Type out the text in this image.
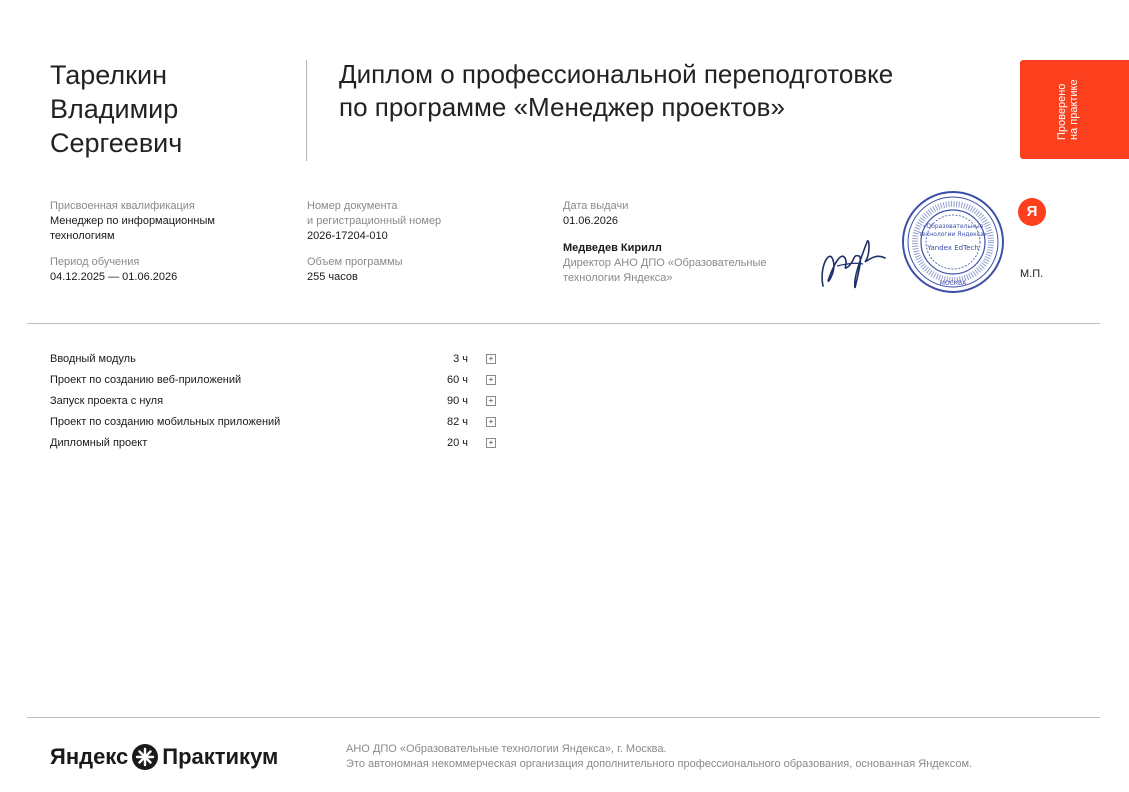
Тарелкин
Владимир
Сергеевич
Диплом о профессиональной переподготовке
по программе «Менеджер проектов»	Проверено на практике
Присвоенная квалификация
Менеджер по информационным
технологиям
Период обучения
04.12.2025 — 01.06.2026
Номер документа
и регистрационный номер
2026-17204-010
Объем программы
255 часов
Дата выдачи
01.06.2026
Медведев Кирилл
Директор АНО ДПО «Образовательные
технологии Яндекса»
«Образовательные
технологии Яндекса»
Yandex EdTech
МОСКВА
Я
М.П.
Вводный модуль	3 ч	+
Проект по созданию веб-приложений	60 ч	+
Запуск проекта с нуля	90 ч	+
Проект по созданию мобильных приложений	82 ч	+
Дипломный проект	20 ч	+
Яндекс Практикум	АНО ДПО «Образовательные технологии Яндекса», г. Москва.
Это автономная некоммерческая организация дополнительного профессионального образования, основанная Яндексом.
